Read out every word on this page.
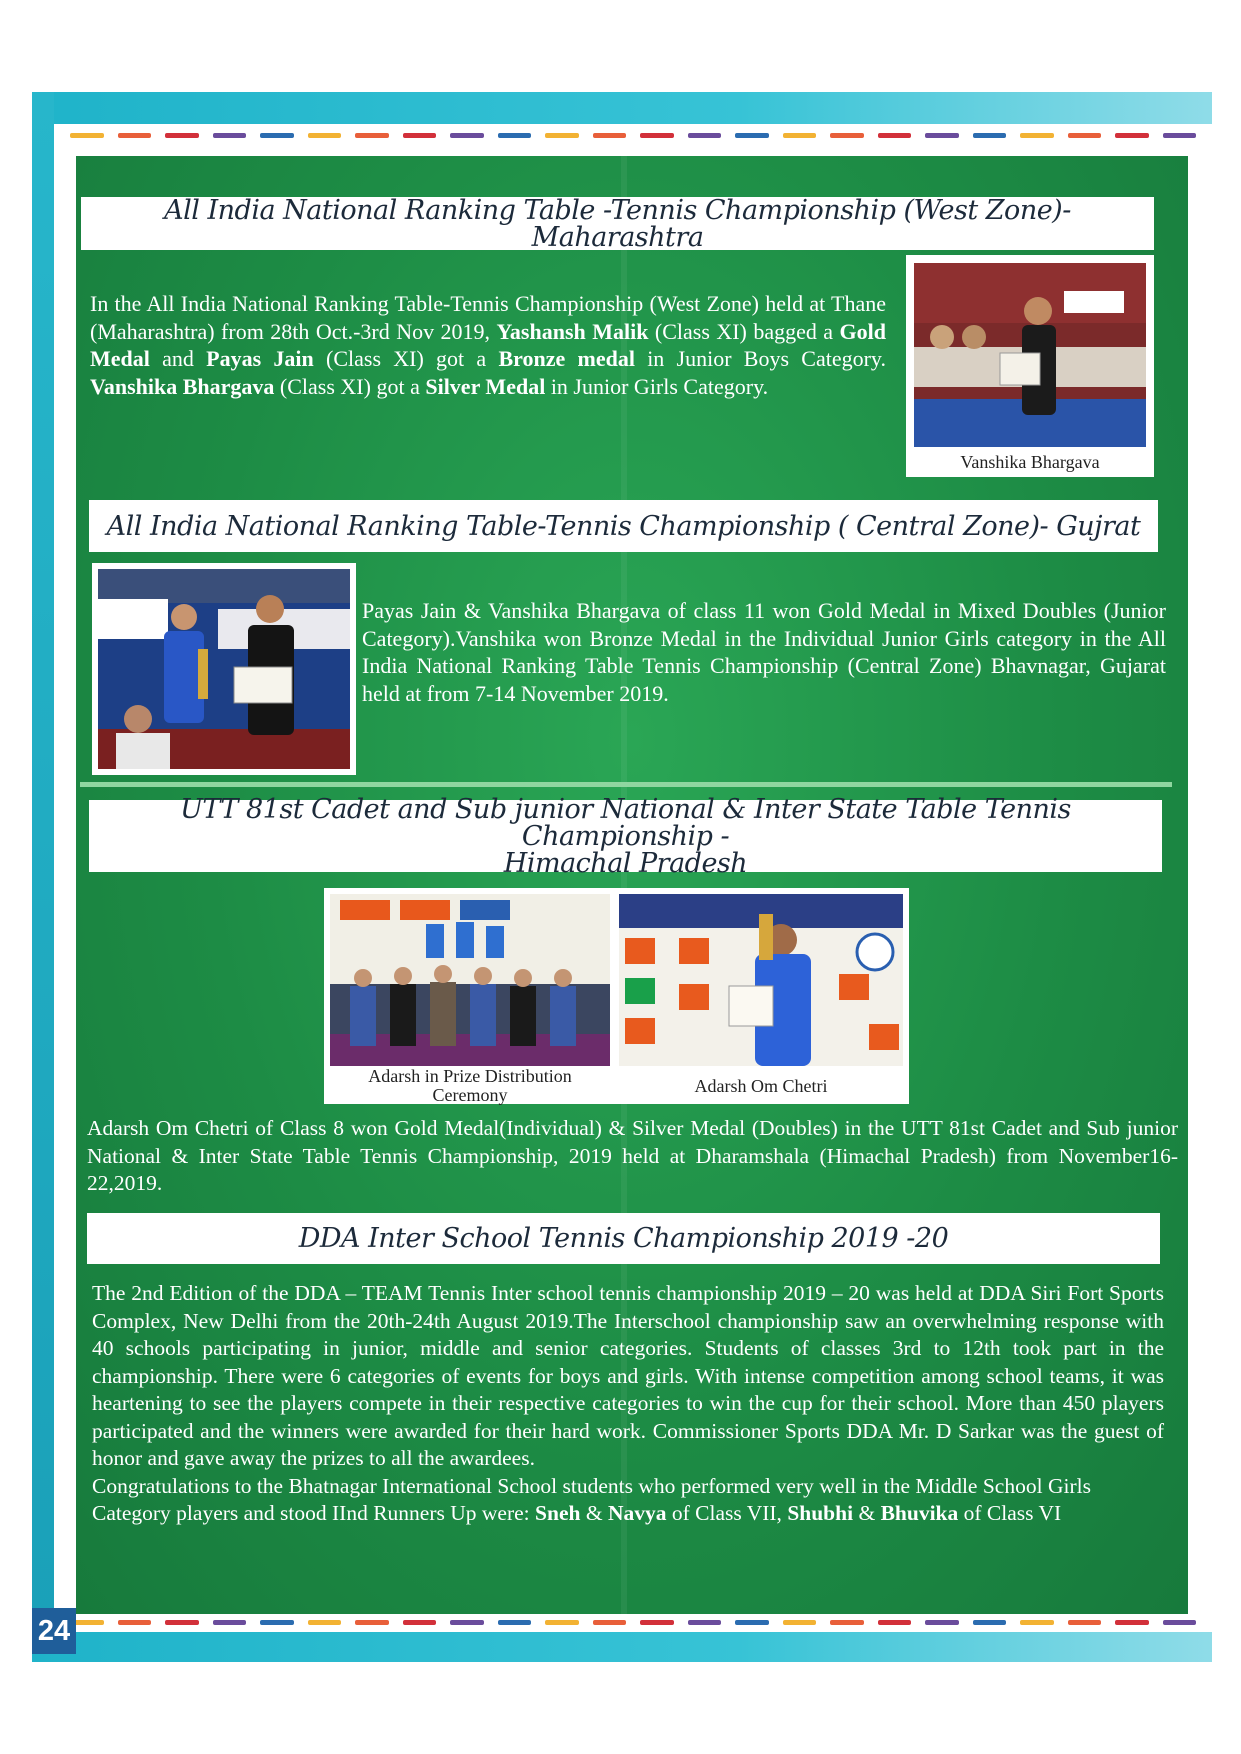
24
All India National Ranking Table -Tennis Championship (West Zone)- Maharashtra

In the All India National Ranking Table-Tennis Championship (West Zone) held at Thane (Maharashtra) from 28th Oct.-3rd Nov 2019, Yashansh Malik (Class XI) bagged a Gold Medal and Payas Jain (Class XI) got a Bronze medal in Junior Boys Category. Vanshika Bhargava (Class XI) got a Silver Medal in Junior Girls Category.

Vanshika Bhargava
All India National Ranking Table-Tennis Championship ( Central Zone)- Gujrat

Payas Jain & Vanshika Bhargava of class 11 won Gold Medal in Mixed Doubles (Junior Category).Vanshika won Bronze Medal in the Individual Junior Girls category in the All India National Ranking Table Tennis Championship (Central Zone) Bhavnagar, Gujarat held at from 7-14 November 2019.

UTT 81st Cadet and Sub junior National & Inter State Table Tennis Championship -
Himachal Pradesh
Adarsh in Prize Distribution Ceremony	Adarsh Om Chetri

Adarsh Om Chetri of Class 8 won Gold Medal(Individual) & Silver Medal (Doubles) in the UTT 81st Cadet and Sub junior National & Inter State Table Tennis Championship, 2019 held at Dharamshala (Himachal Pradesh) from November16-22,2019.

DDA Inter School Tennis Championship 2019 -20

The 2nd Edition of the DDA – TEAM Tennis Inter school tennis championship 2019 – 20 was held at DDA Siri Fort Sports Complex, New Delhi from the 20th-24th August 2019.The Interschool championship saw an overwhelming response with 40 schools participating in junior, middle and senior categories. Students of classes 3rd to 12th took part in the championship. There were 6 categories of events for boys and girls. With intense competition among school teams, it was heartening to see the players compete in their respective categories to win the cup for their school. More than 450 players participated and the winners were awarded for their hard work. Commissioner Sports DDA Mr. D Sarkar was the guest of honor and gave away the prizes to all the awardees.

Congratulations to the Bhatnagar International School students who performed very well in the Middle School Girls Category players and stood IInd Runners Up were: Sneh & Navya of Class VII, Shubhi & Bhuvika of Class VI
